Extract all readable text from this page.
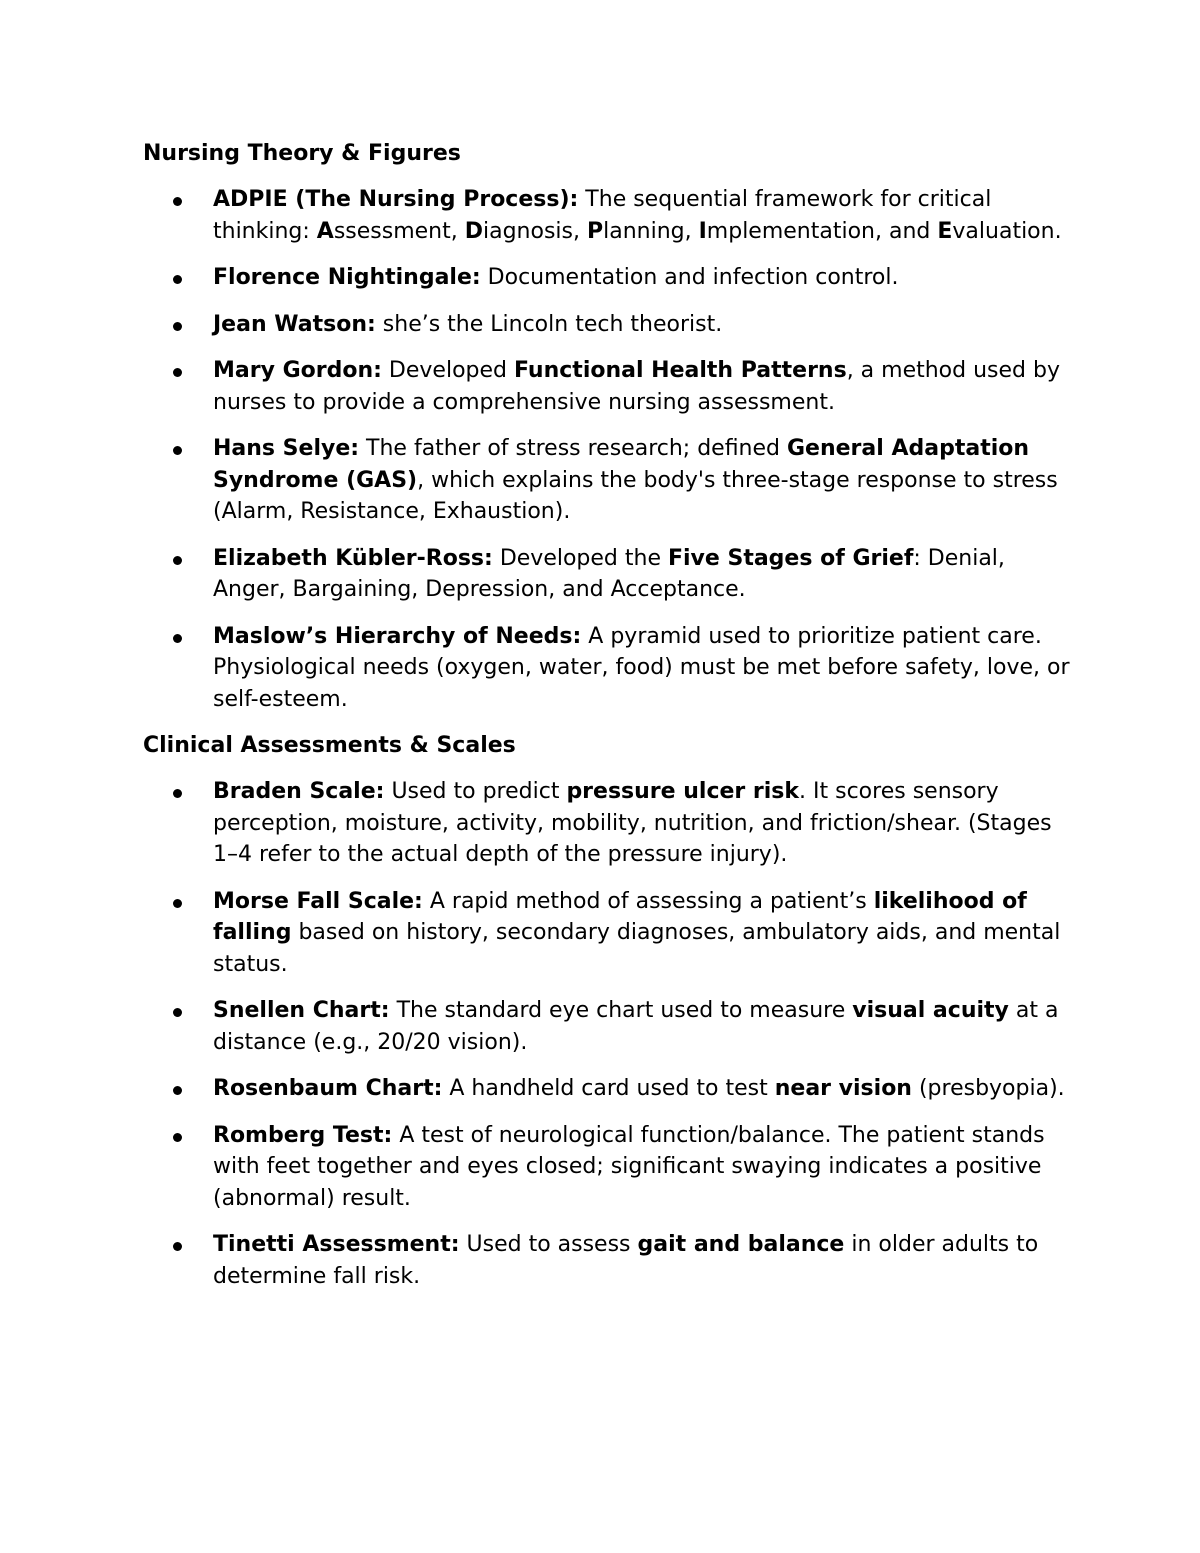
Nursing Theory & Figures
ADPIE (The Nursing Process): The sequential framework for critical thinking: Assessment, Diagnosis, Planning, Implementation, and Evaluation.
Florence Nightingale: Documentation and infection control.
Jean Watson: she’s the Lincoln tech theorist.
Mary Gordon: Developed Functional Health Patterns, a method used by nurses to provide a comprehensive nursing assessment.
Hans Selye: The father of stress research; defined General Adaptation Syndrome (GAS), which explains the body's three-stage response to stress (Alarm, Resistance, Exhaustion).
Elizabeth Kübler-Ross: Developed the Five Stages of Grief: Denial, Anger, Bargaining, Depression, and Acceptance.
Maslow’s Hierarchy of Needs: A pyramid used to prioritize patient care. Physiological needs (oxygen, water, food) must be met before safety, love, or self-esteem.
Clinical Assessments & Scales
Braden Scale: Used to predict pressure ulcer risk. It scores sensory perception, moisture, activity, mobility, nutrition, and friction/shear. (Stages 1–4 refer to the actual depth of the pressure injury).
Morse Fall Scale: A rapid method of assessing a patient’s likelihood of falling based on history, secondary diagnoses, ambulatory aids, and mental status.
Snellen Chart: The standard eye chart used to measure visual acuity at a distance (e.g., 20/20 vision).
Rosenbaum Chart: A handheld card used to test near vision (presbyopia).
Romberg Test: A test of neurological function/balance. The patient stands with feet together and eyes closed; significant swaying indicates a positive (abnormal) result.
Tinetti Assessment: Used to assess gait and balance in older adults to determine fall risk.
